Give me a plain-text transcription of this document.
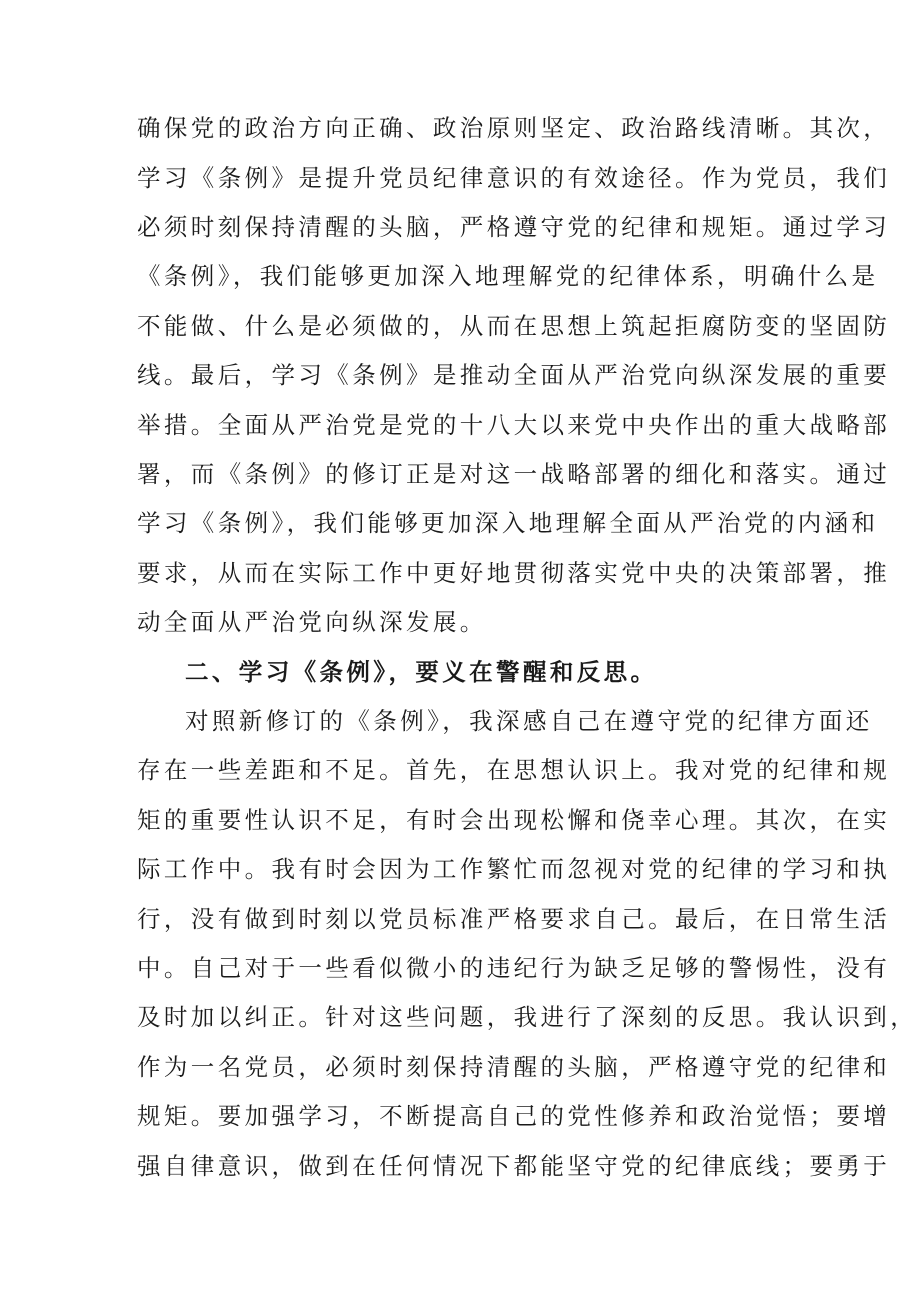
确保党的政治方向正确、政治原则坚定、政治路线清晰。其次，
学习《条例》是提升党员纪律意识的有效途径。作为党员，我们
必须时刻保持清醒的头脑，严格遵守党的纪律和规矩。通过学习
《条例》，我们能够更加深入地理解党的纪律体系，明确什么是
不能做、什么是必须做的，从而在思想上筑起拒腐防变的坚固防
线。最后，学习《条例》是推动全面从严治党向纵深发展的重要
举措。全面从严治党是党的十八大以来党中央作出的重大战略部
署，而《条例》的修订正是对这一战略部署的细化和落实。通过
学习《条例》，我们能够更加深入地理解全面从严治党的内涵和
要求，从而在实际工作中更好地贯彻落实党中央的决策部署，推
动全面从严治党向纵深发展。
二、学习《条例》，要义在警醒和反思。
对照新修订的《条例》，我深感自己在遵守党的纪律方面还
存在一些差距和不足。首先，在思想认识上。我对党的纪律和规
矩的重要性认识不足，有时会出现松懈和侥幸心理。其次，在实
际工作中。我有时会因为工作繁忙而忽视对党的纪律的学习和执
行，没有做到时刻以党员标准严格要求自己。最后，在日常生活
中。自己对于一些看似微小的违纪行为缺乏足够的警惕性，没有
及时加以纠正。针对这些问题，我进行了深刻的反思。我认识到，
作为一名党员，必须时刻保持清醒的头脑，严格遵守党的纪律和
规矩。要加强学习，不断提高自己的党性修养和政治觉悟；要增
强自律意识，做到在任何情况下都能坚守党的纪律底线；要勇于
